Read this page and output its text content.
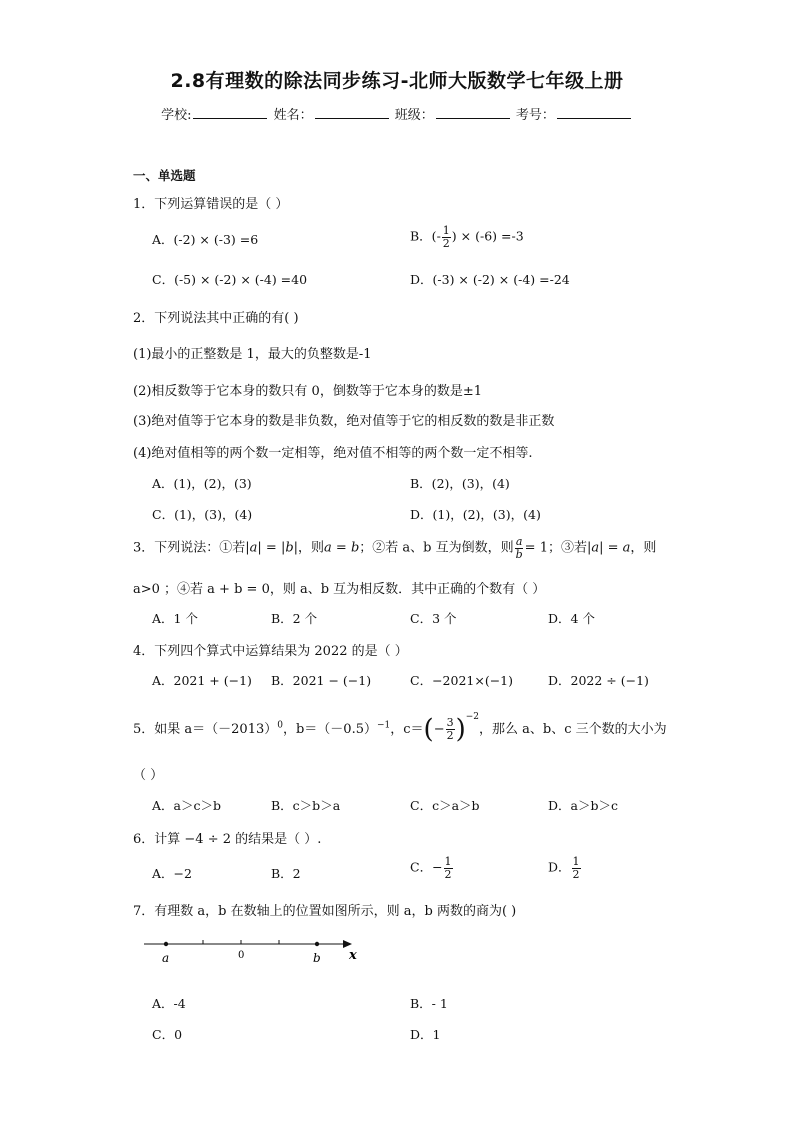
2.8有理数的除法同步练习-北师大版数学七年级上册
学校:	姓名：	班级：	考号：
一、单选题
1．下列运算错误的是（ ）
A．(-2) × (-3) =6	B．(- $\frac{1}{2}$ ) × (-6) =-3
C．(-5) × (-2) × (-4) =40	D．(-3) × (-2) × (-4) =-24
2．下列说法其中正确的有( )
(1)最小的正整数是 1，最大的负整数是-1
(2)相反数等于它本身的数只有 0，倒数等于它本身的数是±1
(3)绝对值等于它本身的数是非负数，绝对值等于它的相反数的数是非正数
(4)绝对值相等的两个数一定相等，绝对值不相等的两个数一定不相等.
A．(1)，(2)，(3)	B．(2)，(3)，(4)
C．(1)，(3)，(4)	D．(1)，(2)，(3)，(4)
3．下列说法：①若|a| = |b|，则a = b；②若 a、b 互为倒数，则 $\frac{a}{b} = 1$；③若|a| = a，则
a>0 ；④若 a + b = 0，则 a、b 互为相反数．其中正确的个数有（ ）
A．1 个	B．2 个	C．3 个	D．4 个
4．下列四个算式中运算结果为 2022 的是（ ）
A．2021 + (−1) B．2021 − (−1)	C．−2021×(−1)	D．2022 ÷ (−1)
5．如果 $a=(-2013)^0$，$b=(-0.5)^{-1}$，$c=(- \frac{3}{2} )^{-2}$，那么 a、b、c 三个数的大小为
（ ）
A．a＞c＞b	B．c＞b＞a	C．c＞a＞b	D．a＞b＞c
6．计算 −4 ÷ 2 的结果是（ ）.
A．−2	B．2	C．− $\frac{1}{2}$	D． $\frac{1}{2}$
7．有理数 a，b 在数轴上的位置如图所示，则 a，b 两数的商为( )
a	0	b x
A．-4	B．- 1
C．0	D．1
